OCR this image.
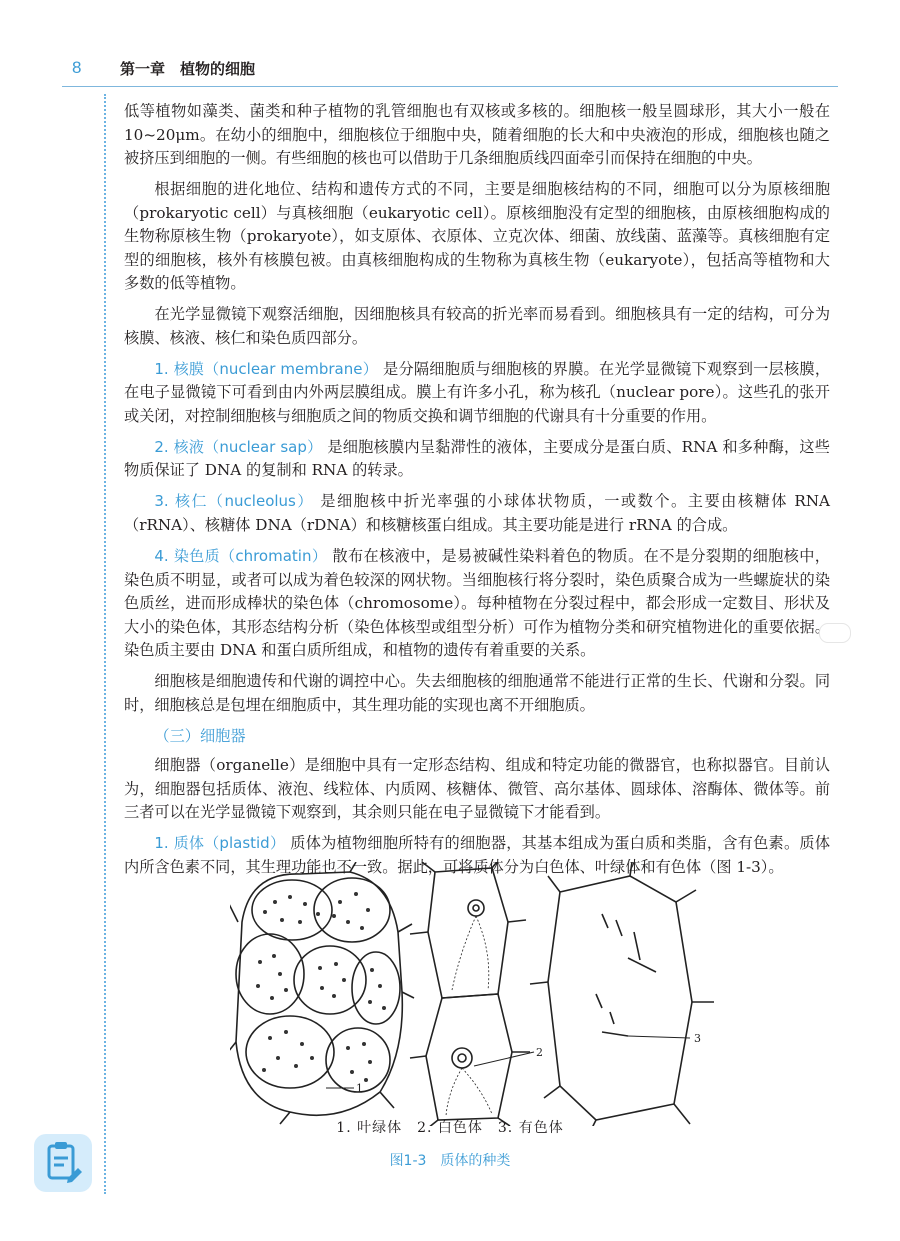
8	第一章　植物的细胞

低等植物如藻类、菌类和种子植物的乳管细胞也有双核或多核的。细胞核一般呈圆球形，其大小一般在 10~20μm。在幼小的细胞中，细胞核位于细胞中央，随着细胞的长大和中央液泡的形成，细胞核也随之被挤压到细胞的一侧。有些细胞的核也可以借助于几条细胞质线四面牵引而保持在细胞的中央。

根据细胞的进化地位、结构和遗传方式的不同，主要是细胞核结构的不同，细胞可以分为原核细胞（prokaryotic cell）与真核细胞（eukaryotic cell）。原核细胞没有定型的细胞核，由原核细胞构成的生物称原核生物（prokaryote），如支原体、衣原体、立克次体、细菌、放线菌、蓝藻等。真核细胞有定型的细胞核，核外有核膜包被。由真核细胞构成的生物称为真核生物（eukaryote），包括高等植物和大多数的低等植物。

在光学显微镜下观察活细胞，因细胞核具有较高的折光率而易看到。细胞核具有一定的结构，可分为核膜、核液、核仁和染色质四部分。

1. 核膜（nuclear membrane） 是分隔细胞质与细胞核的界膜。在光学显微镜下观察到一层核膜，在电子显微镜下可看到由内外两层膜组成。膜上有许多小孔，称为核孔（nuclear pore）。这些孔的张开或关闭，对控制细胞核与细胞质之间的物质交换和调节细胞的代谢具有十分重要的作用。

2. 核液（nuclear sap） 是细胞核膜内呈黏滞性的液体，主要成分是蛋白质、RNA 和多种酶，这些物质保证了 DNA 的复制和 RNA 的转录。

3. 核仁（nucleolus） 是细胞核中折光率强的小球体状物质，一或数个。主要由核糖体 RNA（rRNA）、核糖体 DNA（rDNA）和核糖核蛋白组成。其主要功能是进行 rRNA 的合成。

4. 染色质（chromatin） 散布在核液中，是易被碱性染料着色的物质。在不是分裂期的细胞核中，染色质不明显，或者可以成为着色较深的网状物。当细胞核行将分裂时，染色质聚合成为一些螺旋状的染色质丝，进而形成棒状的染色体（chromosome）。每种植物在分裂过程中，都会形成一定数目、形状及大小的染色体，其形态结构分析（染色体核型或组型分析）可作为植物分类和研究植物进化的重要依据。染色质主要由 DNA 和蛋白质所组成，和植物的遗传有着重要的关系。

细胞核是细胞遗传和代谢的调控中心。失去细胞核的细胞通常不能进行正常的生长、代谢和分裂。同时，细胞核总是包埋在细胞质中，其生理功能的实现也离不开细胞质。

（三）细胞器

细胞器（organelle）是细胞中具有一定形态结构、组成和特定功能的微器官，也称拟器官。目前认为，细胞器包括质体、液泡、线粒体、内质网、核糖体、微管、高尔基体、圆球体、溶酶体、微体等。前三者可以在光学显微镜下观察到，其余则只能在电子显微镜下才能看到。

1. 质体（plastid） 质体为植物细胞所特有的细胞器，其基本组成为蛋白质和类脂，含有色素。质体内所含色素不同，其生理功能也不一致。据此，可将质体分为白色体、叶绿体和有色体（图 1-3）。

1
2
3
1. 叶绿体　2. 白色体　3. 有色体
图1-3　质体的种类
